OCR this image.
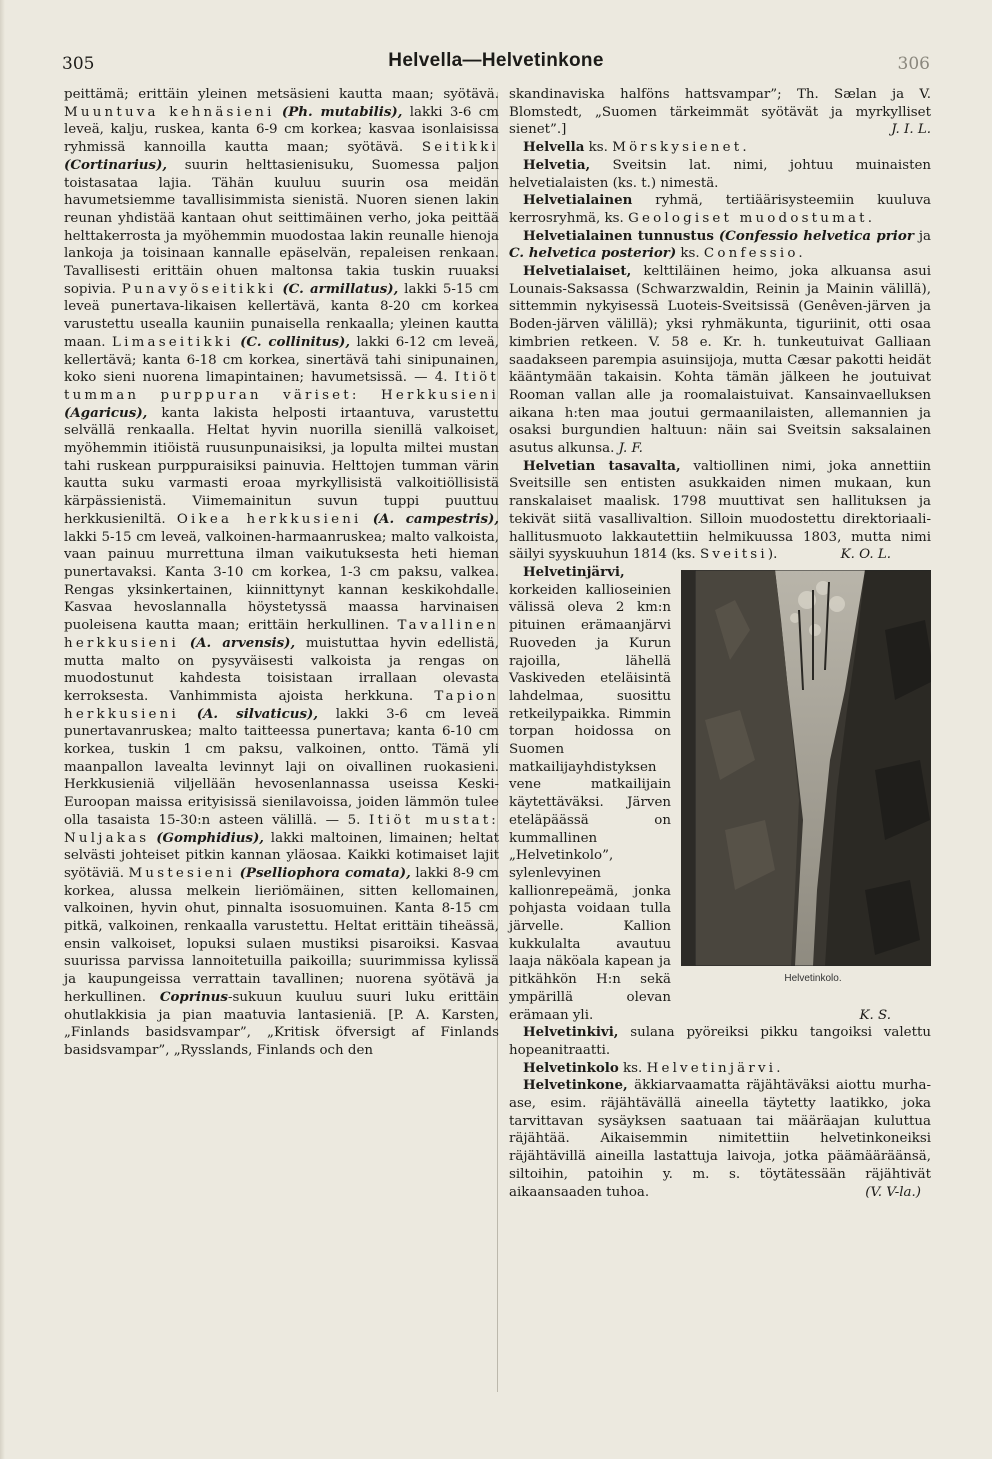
305	Helvella—Helvetinkone	306

peittämä; erittäin yleinen metsäsieni kautta maan; syötävä. Muuntuva kehnäsieni (Ph. mutabilis), lakki 3-6 cm leveä, kalju, ruskea, kanta 6-9 cm korkea; kasvaa isonlaisissa ryhmissä kannoilla kautta maan; syötävä. Seitikki (Cortinarius), suurin helttasienisuku, Suomessa paljon toistasataa lajia. Tähän kuuluu suurin osa meidän havumetsiemme tavallisimmista sienistä. Nuoren sienen lakin reunan yhdistää kantaan ohut seittimäinen verho, joka peittää helttakerrosta ja myöhemmin muodostaa lakin reunalle hienoja lankoja ja toisinaan kannalle epäselvän, repaleisen renkaan. Tavallisesti erittäin ohuen maltonsa takia tuskin ruuaksi sopivia. Punavyöseitikki (C. armillatus), lakki 5-15 cm leveä punertava-likaisen kellertävä, kanta 8-20 cm korkea varustettu usealla kauniin punaisella renkaalla; yleinen kautta maan. Limaseitikki (C. collinitus), lakki 6-12 cm leveä, kellertävä; kanta 6-18 cm korkea, sinertävä tahi sinipunainen, koko sieni nuorena limapintainen; havumetsissä. — 4. Itiöt tumman purppuran väriset: Herkkusieni (Agaricus), kanta lakista helposti irtaantuva, varustettu selvällä renkaalla. Heltat hyvin nuorilla sienillä valkoiset, myöhemmin itiöistä ruusunpunaisiksi, ja lopulta miltei mustan tahi ruskean purppuraisiksi painuvia. Helttojen tumman värin kautta suku varmasti eroaa myrkyllisistä valkoitiöllisistä kärpässienistä. Viimemainitun suvun tuppi puuttuu herkkusieniltä. Oikea herkkusieni (A. campestris), lakki 5-15 cm leveä, valkoinen-harmaanruskea; malto valkoista, vaan painuu murrettuna ilman vaikutuksesta heti hieman punertavaksi. Kanta 3-10 cm korkea, 1-3 cm paksu, valkea. Rengas yksinkertainen, kiinnittynyt kannan keskikohdalle. Kasvaa hevoslannalla höystetyssä maassa harvinaisen puoleisena kautta maan; erittäin herkullinen. Tavallinen herkkusieni (A. arvensis), muistuttaa hyvin edellistä, mutta malto on pysyväisesti valkoista ja rengas on muodostunut kahdesta toisistaan irrallaan olevasta kerroksesta. Vanhimmista ajoista herkkuna. Tapion herkkusieni (A. silvaticus), lakki 3-6 cm leveä punertavanruskea; malto taitteessa punertava; kanta 6-10 cm korkea, tuskin 1 cm paksu, valkoinen, ontto. Tämä yli maanpallon lavealta levinnyt laji on oivallinen ruokasieni. Herkkusieniä viljellään hevosenlannassa useissa Keski-Euroopan maissa erityisissä sienilavoissa, joiden lämmön tulee olla tasaista 15-30:n asteen välillä. — 5. Itiöt mustat: Nuljakas (Gomphidius), lakki maltoinen, limainen; heltat selvästi johteiset pitkin kannan yläosaa. Kaikki kotimaiset lajit syötäviä. Mustesieni (Pselliophora comata), lakki 8-9 cm korkea, alussa melkein lieriömäinen, sitten kellomainen, valkoinen, hyvin ohut, pinnalta isosuomuinen. Kanta 8-15 cm pitkä, valkoinen, renkaalla varustettu. Heltat erittäin tiheässä, ensin valkoiset, lopuksi sulaen mustiksi pisaroiksi. Kasvaa suurissa parvissa lannoitetuilla paikoilla; suurimmissa kylissä ja kaupungeissa verrattain tavallinen; nuorena syötävä ja herkullinen. Coprinus-sukuun kuuluu suuri luku erittäin ohutlakkisia ja pian maatuvia lantasieniä. [P. A. Karsten, „Finlands basidsvampar”, „Kritisk öfversigt af Finlands basidsvampar”, „Rysslands, Finlands och den

skandinaviska halföns hattsvampar”; Th. Sælan ja V. Blomstedt, „Suomen tärkeimmät syötävät ja myrkylliset sienet”.]	J. I. L.

Helvella ks. Mörskysienet.

Helvetia, Sveitsin lat. nimi, johtuu muinaisten helvetialaisten (ks. t.) nimestä.

Helvetialainen ryhmä, tertiäärisysteemiin kuuluva kerrosryhmä, ks. Geologiset muodostumat.

Helvetialainen tunnustus (Confessio helvetica prior ja C. helvetica posterior) ks. Confessio.

Helvetialaiset, kelttiläinen heimo, joka alkuansa asui Lounais-Saksassa (Schwarzwaldin, Reinin ja Mainin välillä), sittemmin nykyisessä Luoteis-Sveitsissä (Genêven-järven ja Boden-järven välillä); yksi ryhmäkunta, tiguriinit, otti osaa kimbrien retkeen. V. 58 e. Kr. h. tunkeutuivat Galliaan saadakseen parempia asuinsijoja, mutta Cæsar pakotti heidät kääntymään takaisin. Kohta tämän jälkeen he joutuivat Rooman vallan alle ja roomalaistuivat. Kansainvaelluksen aikana h:ten maa joutui germaanilaisten, allemannien ja osaksi burgundien haltuun: näin sai Sveitsin saksalainen asutus alkunsa. J. F.

Helvetian tasavalta, valtiollinen nimi, joka annettiin Sveitsille sen entisten asukkaiden nimen mukaan, kun ranskalaiset maalisk. 1798 muuttivat sen hallituksen ja tekivät siitä vasallivaltion. Silloin muodostettu direktoriaali-hallitusmuoto lakkautettiin helmikuussa 1803, mutta nimi säilyi syyskuuhun 1814 (ks. Sveitsi).	K. O. L.

Helvetinkolo.
Helvetinjärvi, korkeiden kallioseinien välissä oleva 2 km:n pituinen erämaanjärvi Ruoveden ja Kurun rajoilla, lähellä Vaskiveden eteläisintä lahdelmaa, suosittu retkeilypaikka. Rimmin torpan hoidossa on Suomen matkailijayhdistyksen vene matkailijain käytettäväksi. Järven eteläpäässä on kummallinen „Helvetinkolo”, sylenlevyinen kallionrepeämä, jonka pohjasta voidaan tulla järvelle. Kallion kukkulalta avautuu laaja näköala kapean ja pitkähkön H:n sekä ympärillä olevan erämaan yli.	K. S.

Helvetinkivi, sulana pyöreiksi pikku tangoiksi valettu hopeanitraatti.

Helvetinkolo ks. Helvetinjärvi.

Helvetinkone, äkkiarvaamatta räjähtäväksi aiottu murha-ase, esim. räjähtävällä aineella täytetty laatikko, joka tarvittavan sysäyksen saatuaan tai määräajan kuluttua räjähtää. Aikaisemmin nimitettiin helvetinkoneiksi räjähtävillä aineilla lastattuja laivoja, jotka päämääräänsä, siltoihin, patoihin y. m. s. töytätessään räjähtivät aikaansaaden tuhoa.	(V. V-la.)
